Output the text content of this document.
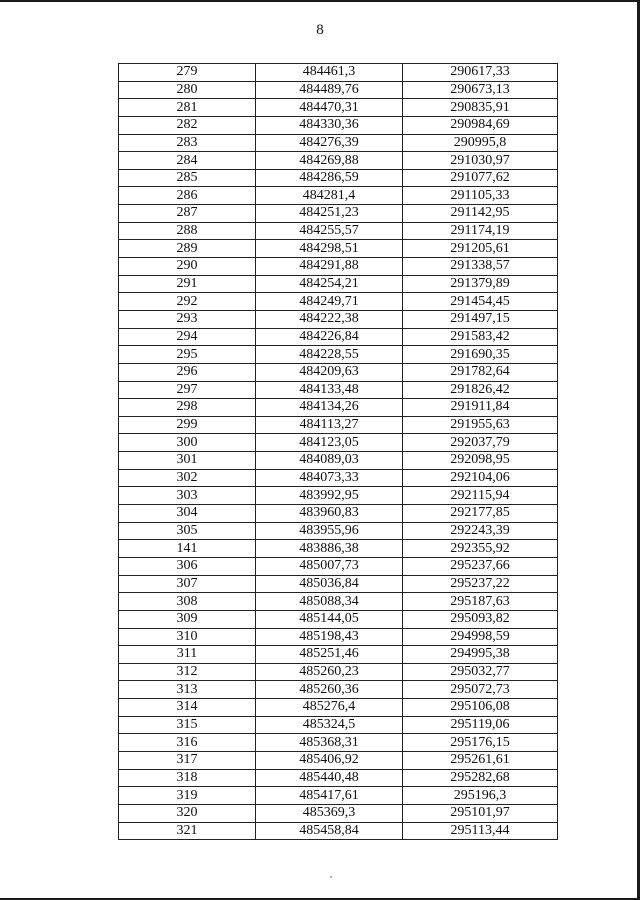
8
279	484461,3	290617,33
280	484489,76	290673,13
281	484470,31	290835,91
282	484330,36	290984,69
283	484276,39	290995,8
284	484269,88	291030,97
285	484286,59	291077,62
286	484281,4	291105,33
287	484251,23	291142,95
288	484255,57	291174,19
289	484298,51	291205,61
290	484291,88	291338,57
291	484254,21	291379,89
292	484249,71	291454,45
293	484222,38	291497,15
294	484226,84	291583,42
295	484228,55	291690,35
296	484209,63	291782,64
297	484133,48	291826,42
298	484134,26	291911,84
299	484113,27	291955,63
300	484123,05	292037,79
301	484089,03	292098,95
302	484073,33	292104,06
303	483992,95	292115,94
304	483960,83	292177,85
305	483955,96	292243,39
141	483886,38	292355,92
306	485007,73	295237,66
307	485036,84	295237,22
308	485088,34	295187,63
309	485144,05	295093,82
310	485198,43	294998,59
311	485251,46	294995,38
312	485260,23	295032,77
313	485260,36	295072,73
314	485276,4	295106,08
315	485324,5	295119,06
316	485368,31	295176,15
317	485406,92	295261,61
318	485440,48	295282,68
319	485417,61	295196,3
320	485369,3	295101,97
321	485458,84	295113,44
